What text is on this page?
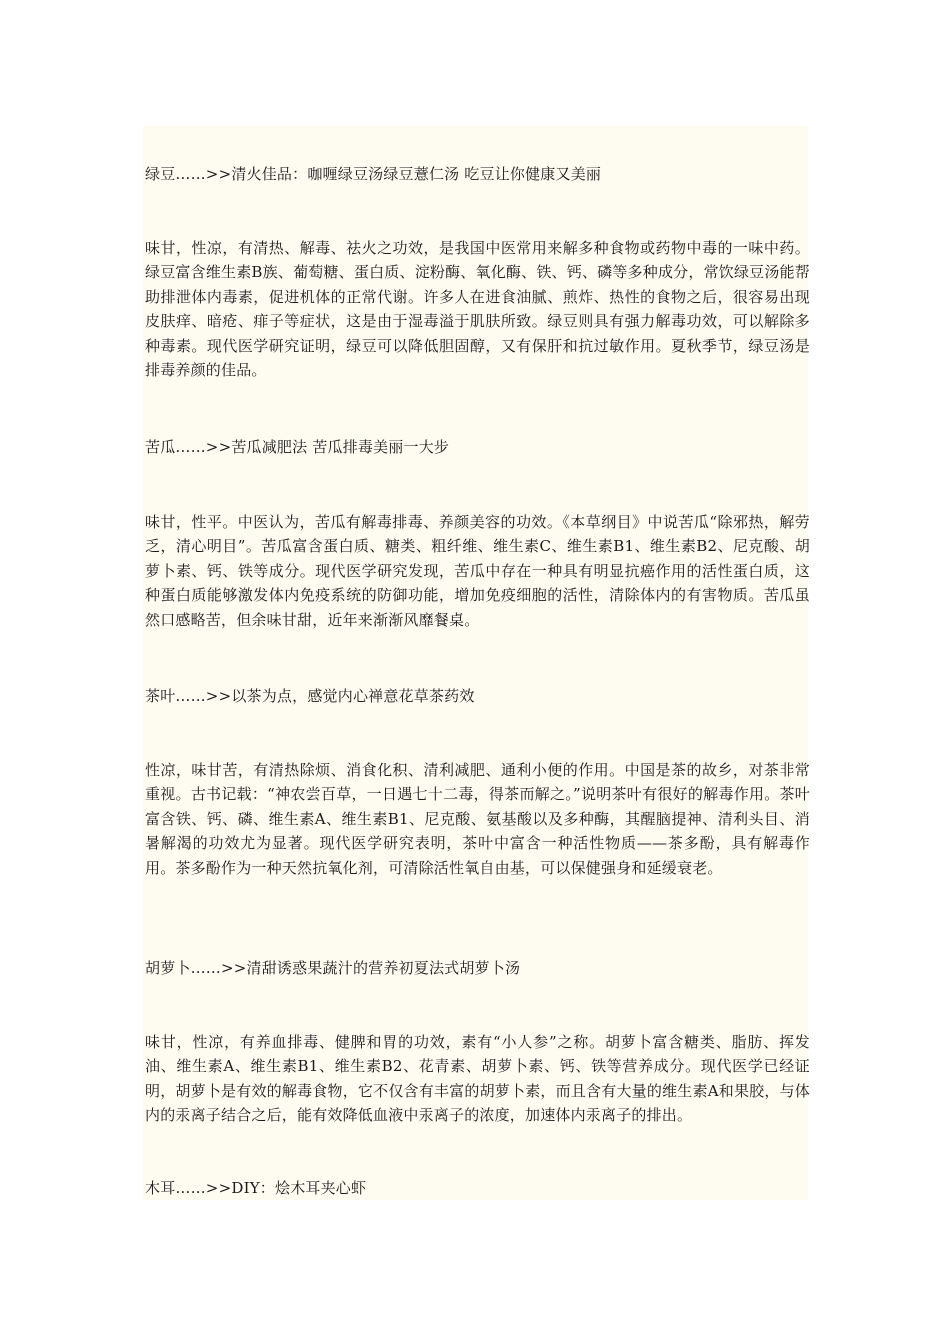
绿豆……>>清火佳品：咖喱绿豆汤绿豆薏仁汤 吃豆让你健康又美丽
味甘，性凉，有清热、解毒、祛火之功效，是我国中医常用来解多种食物或药物中毒的一味中药。绿豆富含维生素B族、葡萄糖、蛋白质、淀粉酶、氧化酶、铁、钙、磷等多种成分，常饮绿豆汤能帮助排泄体内毒素，促进机体的正常代谢。许多人在进食油腻、煎炸、热性的食物之后，很容易出现皮肤痒、暗疮、痱子等症状，这是由于湿毒溢于肌肤所致。绿豆则具有强力解毒功效，可以解除多种毒素。现代医学研究证明，绿豆可以降低胆固醇，又有保肝和抗过敏作用。夏秋季节，绿豆汤是排毒养颜的佳品。
苦瓜……>>苦瓜减肥法 苦瓜排毒美丽一大步
味甘，性平。中医认为，苦瓜有解毒排毒、养颜美容的功效。《本草纲目》中说苦瓜“除邪热，解劳乏，清心明目”。苦瓜富含蛋白质、糖类、粗纤维、维生素C、维生素B1、维生素B2、尼克酸、胡萝卜素、钙、铁等成分。现代医学研究发现，苦瓜中存在一种具有明显抗癌作用的活性蛋白质，这种蛋白质能够激发体内免疫系统的防御功能，增加免疫细胞的活性，清除体内的有害物质。苦瓜虽然口感略苦，但余味甘甜，近年来渐渐风靡餐桌。
茶叶……>>以茶为点，感觉内心禅意花草茶药效
性凉，味甘苦，有清热除烦、消食化积、清利减肥、通利小便的作用。中国是茶的故乡，对茶非常重视。古书记载：“神农尝百草，一日遇七十二毒，得茶而解之。”说明茶叶有很好的解毒作用。茶叶富含铁、钙、磷、维生素A、维生素B1、尼克酸、氨基酸以及多种酶，其醒脑提神、清利头目、消暑解渴的功效尤为显著。现代医学研究表明，茶叶中富含一种活性物质——茶多酚，具有解毒作用。茶多酚作为一种天然抗氧化剂，可清除活性氧自由基，可以保健强身和延缓衰老。
胡萝卜……>>清甜诱惑果蔬汁的营养初夏法式胡萝卜汤
味甘，性凉，有养血排毒、健脾和胃的功效，素有“小人参”之称。胡萝卜富含糖类、脂肪、挥发油、维生素A、维生素B1、维生素B2、花青素、胡萝卜素、钙、铁等营养成分。现代医学已经证明，胡萝卜是有效的解毒食物，它不仅含有丰富的胡萝卜素，而且含有大量的维生素A和果胶，与体内的汞离子结合之后，能有效降低血液中汞离子的浓度，加速体内汞离子的排出。
木耳……>>DIY：烩木耳夹心虾
